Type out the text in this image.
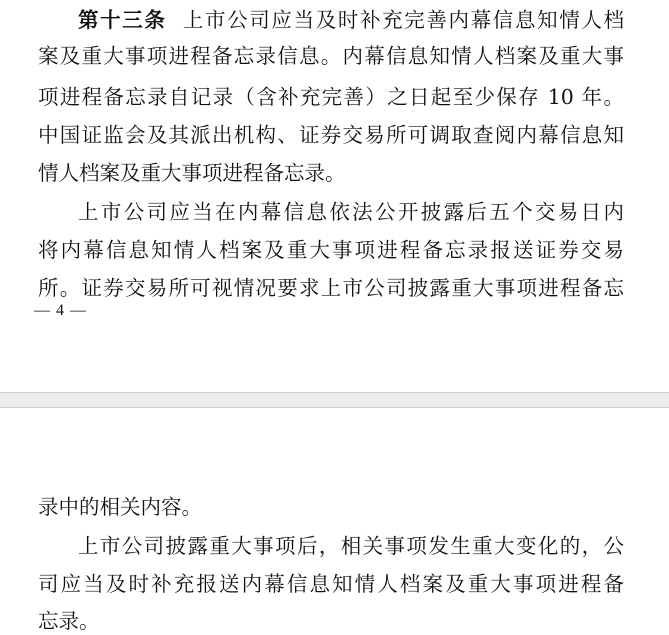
第十三条 上市公司应当及时补充完善内幕信息知情人档
案及重大事项进程备忘录信息。内幕信息知情人档案及重大事
项进程备忘录自记录（含补充完善）之日起至少保存 10 年。
中国证监会及其派出机构、证券交易所可调取查阅内幕信息知
情人档案及重大事项进程备忘录。
上市公司应当在内幕信息依法公开披露后五个交易日内
将内幕信息知情人档案及重大事项进程备忘录报送证券交易
所。证券交易所可视情况要求上市公司披露重大事项进程备忘
— 4 —
录中的相关内容。
上市公司披露重大事项后，相关事项发生重大变化的，公
司应当及时补充报送内幕信息知情人档案及重大事项进程备
忘录。
